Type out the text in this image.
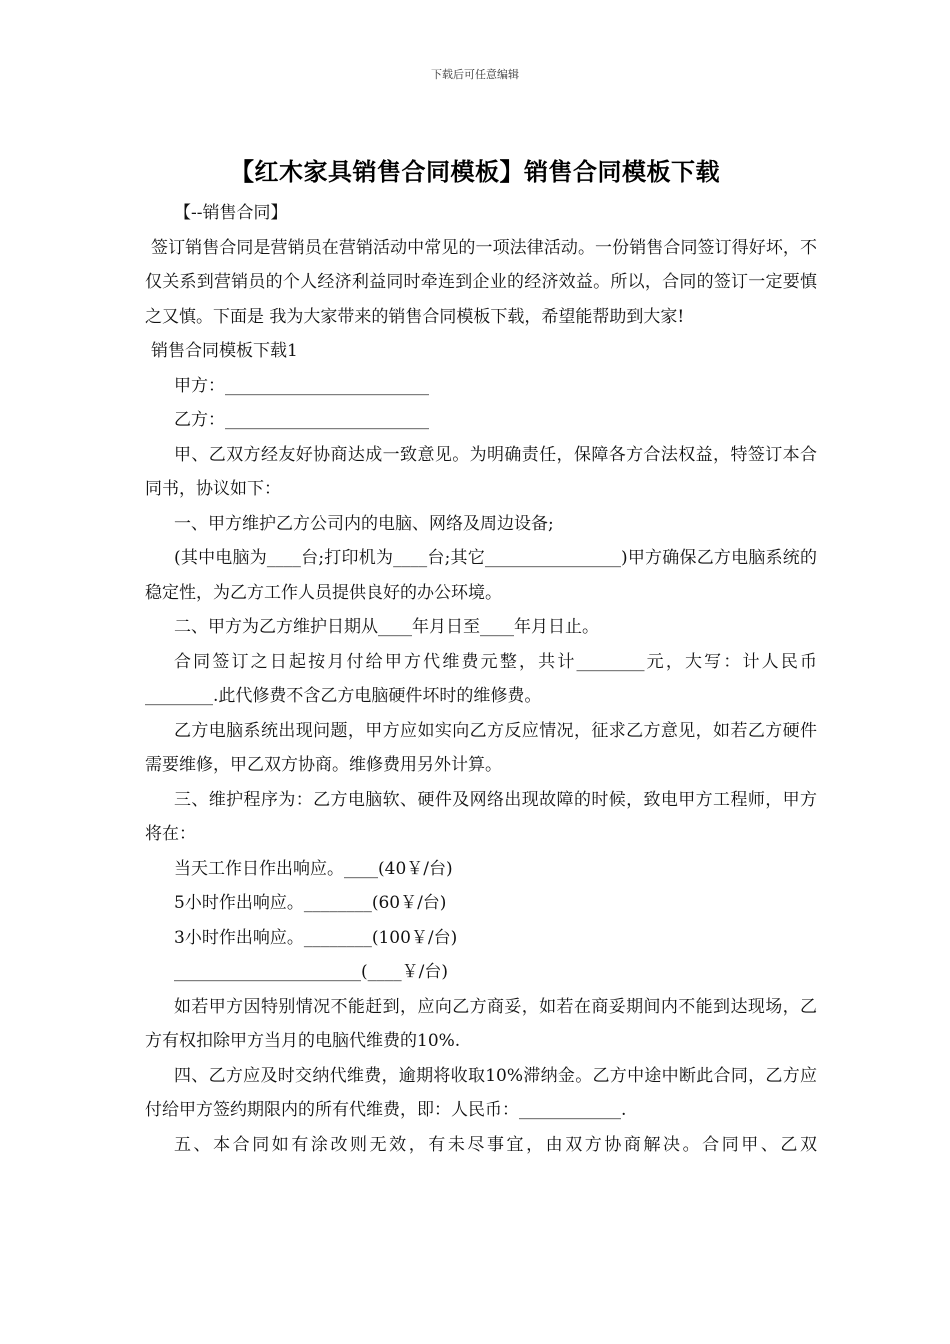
下载后可任意编辑
【红木家具销售合同模板】销售合同模板下载

【--销售合同】

签订销售合同是营销员在营销活动中常见的一项法律活动。一份销售合同签订得好坏，不仅关系到营销员的个人经济利益同时牵连到企业的经济效益。所以，合同的签订一定要慎之又慎。下面是 我为大家带来的销售合同模板下载，希望能帮助到大家!

销售合同模板下载1

甲方：________________________

乙方：________________________

甲、乙双方经友好协商达成一致意见。为明确责任，保障各方合法权益，特签订本合同书，协议如下：

一、甲方维护乙方公司内的电脑、网络及周边设备;

(其中电脑为____台;打印机为____台;其它________________)甲方确保乙方电脑系统的稳定性，为乙方工作人员提供良好的办公环境。

二、甲方为乙方维护日期从____年月日至____年月日止。

合同签订之日起按月付给甲方代维费元整，共计________元，大写：计人民币________.此代修费不含乙方电脑硬件坏时的维修费。

乙方电脑系统出现问题，甲方应如实向乙方反应情况，征求乙方意见，如若乙方硬件需要维修，甲乙双方协商。维修费用另外计算。

三、维护程序为：乙方电脑软、硬件及网络出现故障的时候，致电甲方工程师，甲方将在：

当天工作日作出响应。____(40￥/台)

5小时作出响应。________(60￥/台)

3小时作出响应。________(100￥/台)

______________________(____￥/台)

如若甲方因特别情况不能赶到，应向乙方商妥，如若在商妥期间内不能到达现场，乙方有权扣除甲方当月的电脑代维费的10%.

四、乙方应及时交纳代维费，逾期将收取10%滞纳金。乙方中途中断此合同，乙方应付给甲方签约期限内的所有代维费，即：人民币：____________.

五、本合同如有涂改则无效，有未尽事宜，由双方协商解决。合同甲、乙双
